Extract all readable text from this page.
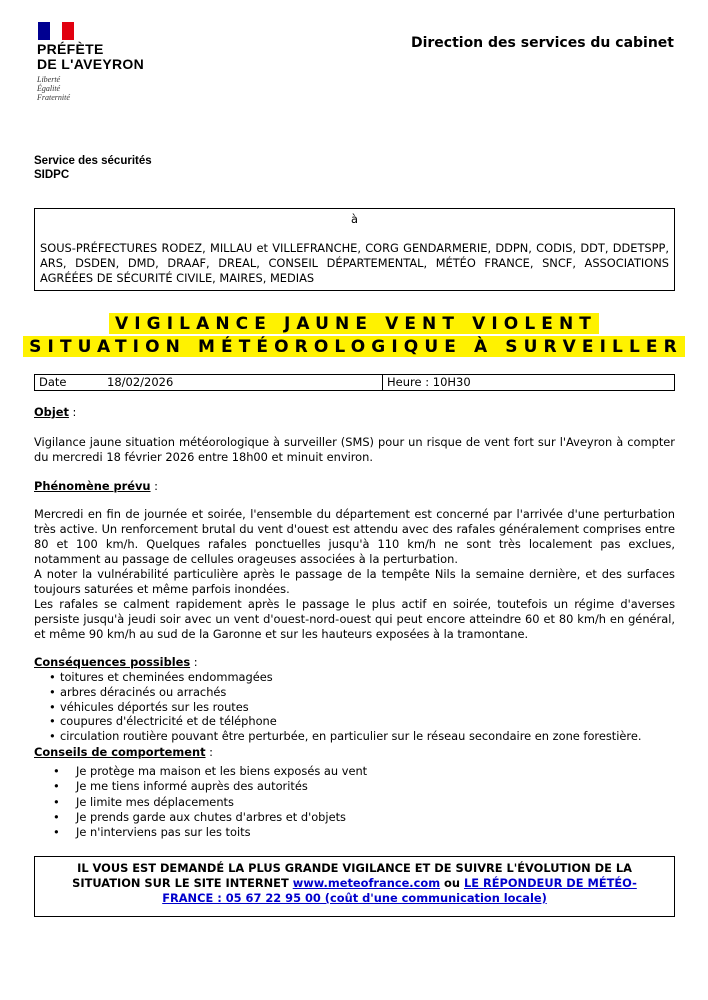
PRÉFÈTE
DE L'AVEYRON
Liberté
Égalité
Fraternité
Direction des services du cabinet
Service des sécurités
SIDPC
à
SOUS-PRÉFECTURES RODEZ, MILLAU et VILLEFRANCHE, CORG GENDARMERIE, DDPN, CODIS, DDT, DDETSPP, ARS, DSDEN, DMD, DRAAF, DREAL, CONSEIL DÉPARTEMENTAL, MÉTÉO FRANCE, SNCF, ASSOCIATIONS AGRÉÉES DE SÉCURITÉ CIVILE, MAIRES, MEDIAS
VIGILANCE JAUNE VENT VIOLENT
SITUATION MÉTÉOROLOGIQUE À SURVEILLER
Date	18/02/2026	Heure : 10H30
Objet :
Vigilance jaune situation météorologique à surveiller (SMS) pour un risque de vent fort sur l'Aveyron à compter du mercredi 18 février 2026 entre 18h00 et minuit environ.
Phénomène prévu :
Mercredi en fin de journée et soirée, l'ensemble du département est concerné par l'arrivée d'une perturbation très active. Un renforcement brutal du vent d'ouest est attendu avec des rafales généralement comprises entre 80 et 100 km/h. Quelques rafales ponctuelles jusqu'à 110 km/h ne sont très localement pas exclues, notamment au passage de cellules orageuses associées à la perturbation.
A noter la vulnérabilité particulière après le passage de la tempête Nils la semaine dernière, et des surfaces toujours saturées et même parfois inondées.
Les rafales se calment rapidement après le passage le plus actif en soirée, toutefois un régime d'averses persiste jusqu'à jeudi soir avec un vent d'ouest-nord-ouest qui peut encore atteindre 60 et 80 km/h en général, et même 90 km/h au sud de la Garonne et sur les hauteurs exposées à la tramontane.
Conséquences possibles :
• toitures et cheminées endommagées
• arbres déracinés ou arrachés
• véhicules déportés sur les routes
• coupures d'électricité et de téléphone
• circulation routière pouvant être perturbée, en particulier sur le réseau secondaire en zone forestière.
Conseils de comportement :
• Je protège ma maison et les biens exposés au vent
• Je me tiens informé auprès des autorités
• Je limite mes déplacements
• Je prends garde aux chutes d'arbres et d'objets
• Je n'interviens pas sur les toits
IL VOUS EST DEMANDÉ LA PLUS GRANDE VIGILANCE ET DE SUIVRE L'ÉVOLUTION DE LA SITUATION SUR LE SITE INTERNET www.meteofrance.com ou LE RÉPONDEUR DE MÉTÉO-FRANCE : 05 67 22 95 00 (coût d'une communication locale)
